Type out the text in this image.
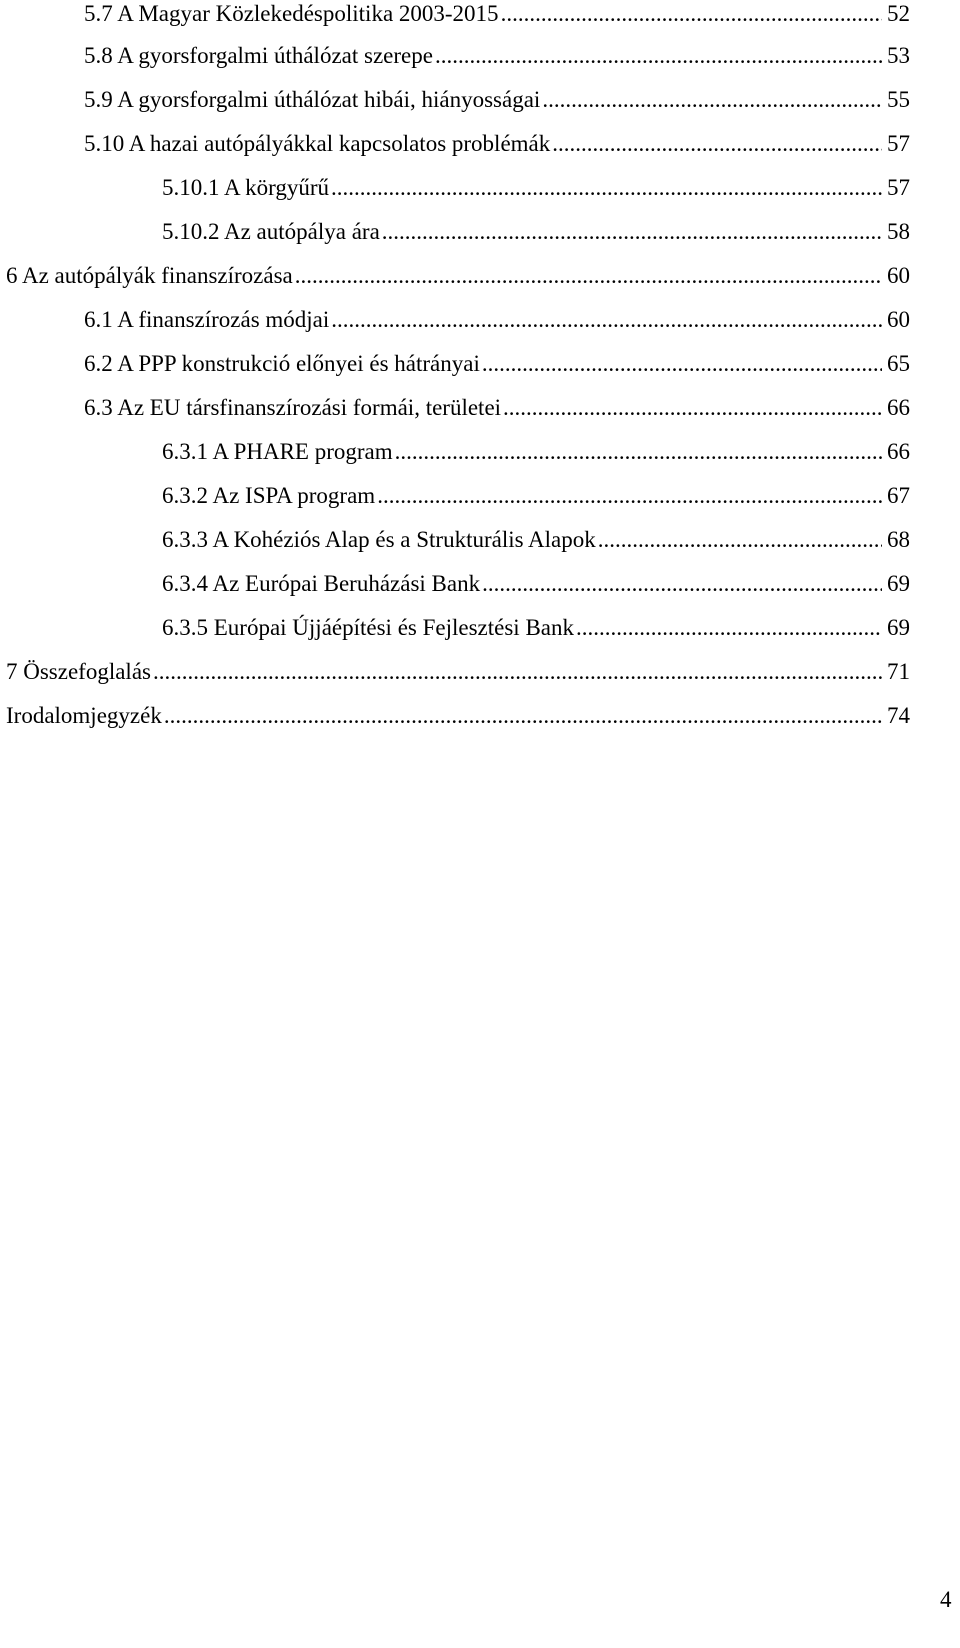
5.7 A Magyar Közlekedéspolitika 2003-2015 .....	52
5.8 A gyorsforgalmi úthálózat szerepe .....	53
5.9 A gyorsforgalmi úthálózat hibái, hiányosságai .....	55
5.10 A hazai autópályákkal kapcsolatos problémák .....	57
5.10.1 A körgyűrű .....	57
5.10.2 Az autópálya ára .....	58
6 Az autópályák finanszírozása .....	60
6.1 A finanszírozás módjai .....	60
6.2 A PPP konstrukció előnyei és hátrányai .....	65
6.3 Az EU társfinanszírozási formái, területei .....	66
6.3.1 A PHARE program .....	66
6.3.2 Az ISPA program .....	67
6.3.3 A Kohéziós Alap és a Strukturális Alapok .....	68
6.3.4 Az Európai Beruházási Bank .....	69
6.3.5 Európai Újjáépítési és Fejlesztési Bank .....	69
7 Összefoglalás .....	71
Irodalomjegyzék .....	74
4
